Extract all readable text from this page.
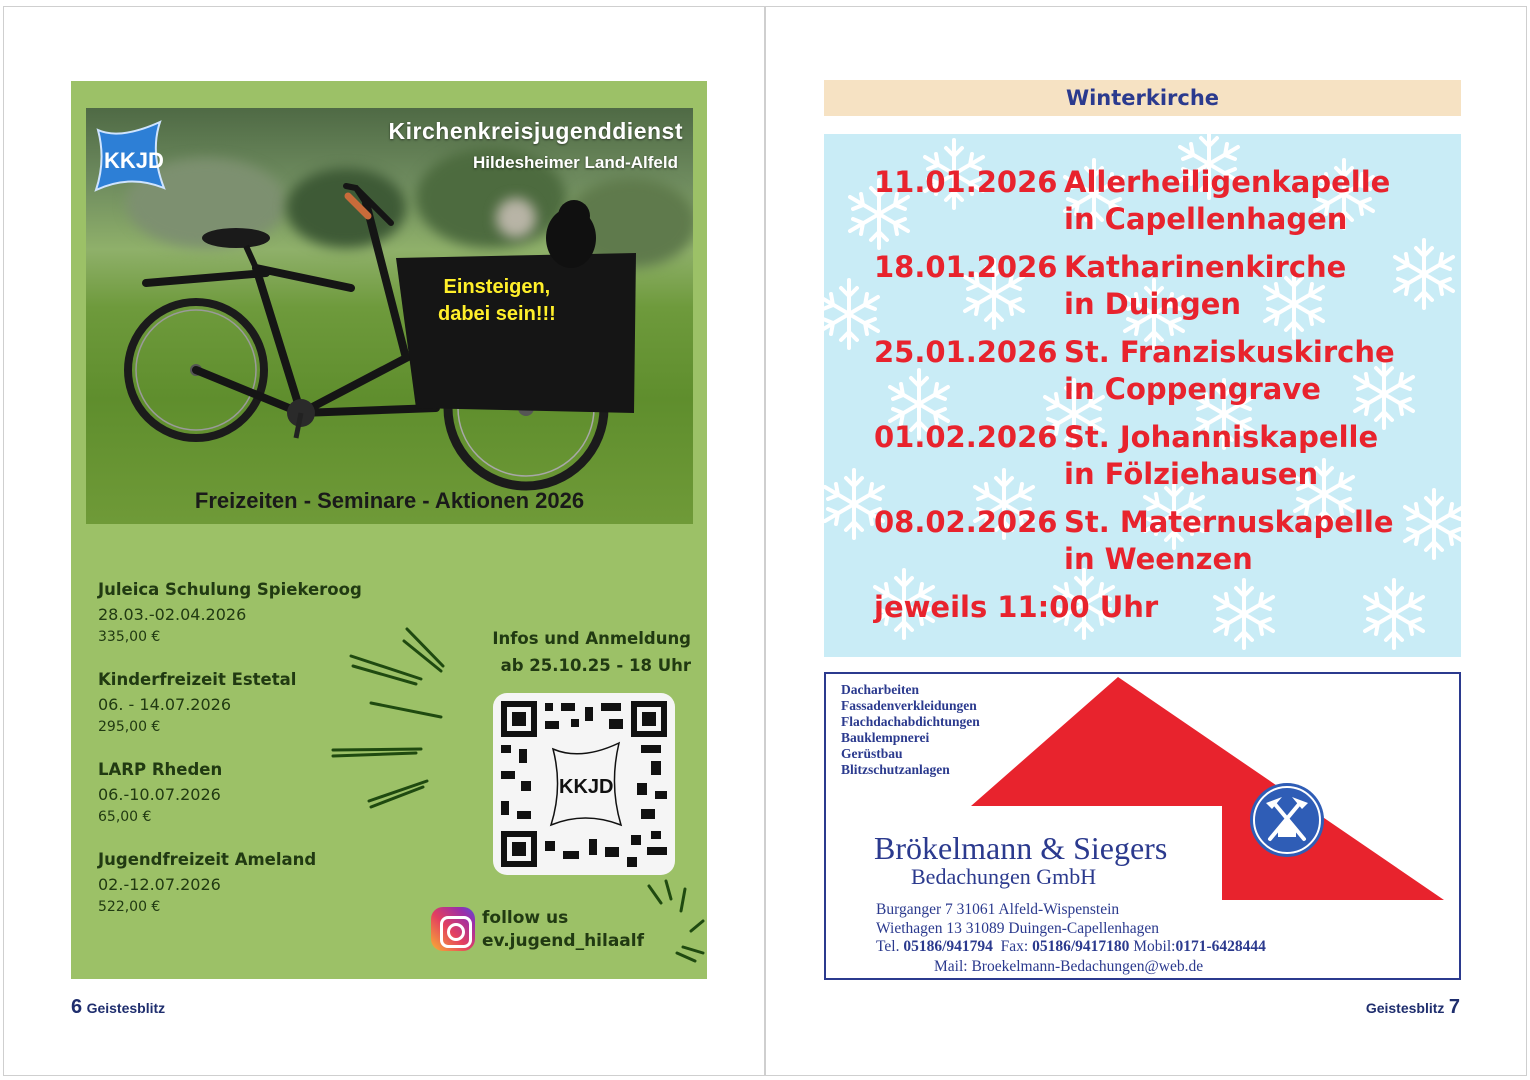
KKJD
Kirchenkreisjugenddienst
Hildesheimer Land-Alfeld
Einsteigen,
dabei sein!!!
Freizeiten - Seminare - Aktionen 2026
Juleica Schulung Spiekeroog
28.03.-02.04.2026
335,00 €
Kinderfreizeit Estetal
06. - 14.07.2026
295,00 €
LARP Rheden
06.-10.07.2026
65,00 €
Jugendfreizeit Ameland
02.-12.07.2026
522,00 €
Infos und Anmeldung
ab 25.10.25 - 18 Uhr
KKJD
follow us
ev.jugend_hilaalf
6 Geistesblitz
Winterkirche
11.01.2026 Allerheiligenkapelle
in Capellenhagen
18.01.2026 Katharinenkirche
in Duingen
25.01.2026 St. Franziskuskirche
in Coppengrave
01.02.2026 St. Johanniskapelle
in Fölziehausen
08.02.2026 St. Maternuskapelle
in Weenzen
jeweils 11:00 Uhr
Dacharbeiten
Fassadenverkleidungen
Flachdachabdichtungen
Bauklempnerei
Gerüstbau
Blitzschutzanlagen
Brökelmann & Siegers
Bedachungen GmbH
Burganger 7 31061 Alfeld-Wispenstein
Wiethagen 13 31089 Duingen-Capellenhagen
Tel. 05186/941794 Fax: 05186/9417180 Mobil:0171-6428444
Mail: Broekelmann-Bedachungen@web.de
Geistesblitz 7
